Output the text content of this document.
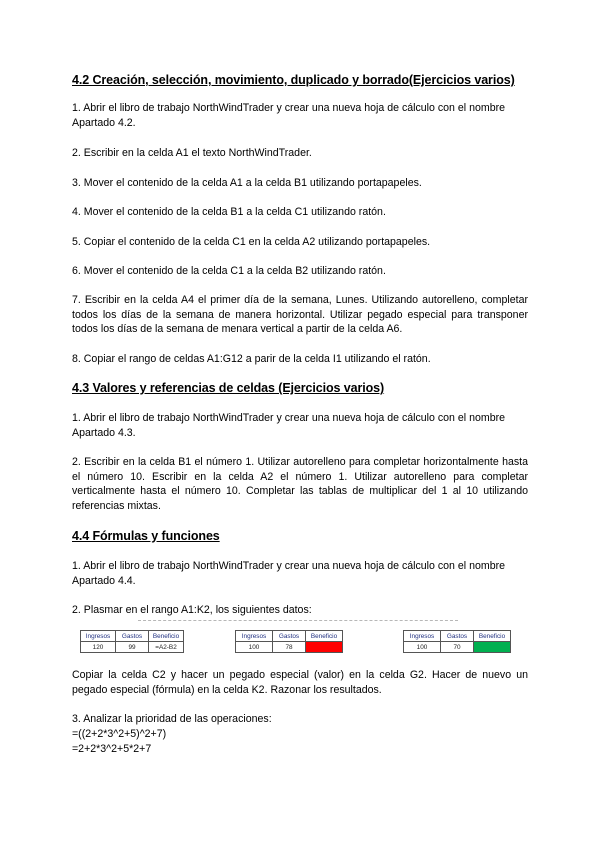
4.2 Creación, selección, movimiento, duplicado y borrado(Ejercicios varios)

1. Abrir el libro de trabajo NorthWindTrader y crear una nueva hoja de cálculo con el nombre Apartado 4.2.

2. Escribir en la celda A1 el texto NorthWindTrader.

3. Mover el contenido de la celda A1 a la celda B1 utilizando portapapeles.

4. Mover el contenido de la celda B1 a la celda C1 utilizando ratón.

5. Copiar el contenido de la celda C1 en la celda A2 utilizando portapapeles.

6. Mover el contenido de la celda C1 a la celda B2 utilizando ratón.

7. Escribir en la celda A4 el primer día de la semana, Lunes. Utilizando autorelleno, completar todos los días de la semana de manera horizontal. Utilizar pegado especial para transponer todos los días de la semana de menara vertical a partir de la celda A6.

8. Copiar el rango de celdas A1:G12 a parir de la celda I1 utilizando el ratón.

4.3 Valores y referencias de celdas (Ejercicios varios)

1. Abrir el libro de trabajo NorthWindTrader y crear una nueva hoja de cálculo con el nombre Apartado 4.3.

2. Escribir en la celda B1 el número 1. Utilizar autorelleno para completar horizontalmente hasta el número 10. Escribir en la celda A2 el número 1. Utilizar autorelleno para completar verticalmente hasta el número 10. Completar las tablas de multiplicar del 1 al 10 utilizando referencias mixtas.

4.4 Fórmulas y funciones

1. Abrir el libro de trabajo NorthWindTrader y crear una nueva hoja de cálculo con el nombre Apartado 4.4.

2. Plasmar en el rango A1:K2, los siguientes datos:

Ingresos	Gastos	Beneficio
120	99	=A2-B2
Ingresos	Gastos	Beneficio
100	78	
	Ingresos	Gastos	Beneficio
	100	70	

Copiar la celda C2 y hacer un pegado especial (valor) en la celda G2. Hacer de nuevo un pegado especial (fórmula) en la celda K2. Razonar los resultados.

3. Analizar la prioridad de las operaciones:

=((2+2*3^2+5)^2+7)

=2+2*3^2+5*2+7
